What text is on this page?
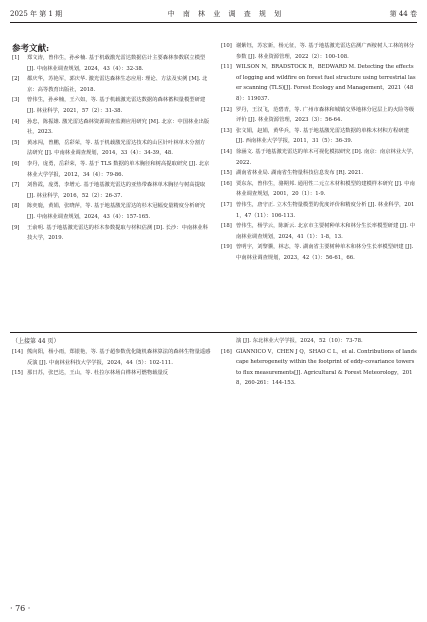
2025 年 第 1 期	中 南 林 业 调 查 规 划	第 44 卷
参考文献:
[1]	郑文涛，曾伟生，孙乡楠. 基于机载激光雷达数据估计主要森林参数联立模型 [J]. 中南林业调查规划，2024，43（4）：32-38.
[2]	都庆华，苏艳军，郭庆华. 激光雷达森林生态应用: 理论、方法及实例 [M]. 北京：高等教育出版社，2018.
[3]	曾伟生，孙乡楠，王六如，等. 基于机载激光雷达数据的森林蓄积量模型研建 [J]. 林业科学，2021，57（2）：31-38.
[4]	孙忠，陈振雄. 激光雷达森林资源调查监测应用研究 [M]. 北京：中国林业出版社，2023.
[5]	黄冰闯，曾鹏，岳彩荣，等. 基于机载激光雷达技术的山区针叶林单木分割方法研究 [J]. 中南林业调查规划，2014，33（4）：34-39，48.
[6]	李丹，庞勇，岳彩荣，等. 基于 TLS 数据的单木胸径和树高提取研究 [J]. 北京林业大学学报，2012，34（4）：79-86.
[7]	刘鲁霞，庞勇，李增元. 基于地基激光雷达的亚热带森林单木胸径与树高提取 [J]. 林业科学，2016，52（2）：26-37.
[8]	陈奕鹿，黄娟，张晓萍，等. 基于地基激光雷达的杉木冠幅变量精度分析研究 [J]. 中南林业调查规划，2024，43（4）：157-165.
[9]	王俞明. 基于地基激光雷达的杉木参数提取与材积估测 [D]. 长沙：中南林业科技大学，2019.
[10] 谢紫钰，苏宏新，杨元征，等. 基于地基激光雷达估测广西桉树人工林的林分参数 [J]. 林业资源管理，2022（2）：100-108.
[11] WILSON N，BRADSTOCK R，BEDWARD M. Detecting the effects of logging and wildfire on forest fuel structure using terrestrial laser scanning (TLS)[J]. Forest Ecology and Management，2021（488）：119037.
[12] 罗丹，王汉飞，范碧青，等. 广州市森林和城镇交界地林分冠层上的火险等级评价 [J]. 林业资源管理，2023（3）：56-64.
[13] 张文娟，赵娟，黄华兵，等. 基于地基激光雷达数据的单株木材积方程研建 [J]. 西南林业大学学报，2011，31（5）：36-39.
[14] 徐涵文. 基于地基激光雷达的单木可视化模拟研究 [D]. 南京：南京林业大学，2022.
[15] 湖南省林业局. 湖南省生物量科技信息发布 [R]. 2021.
[16] 贾东东，曾伟生，骆期邦. 通用性二元立木材积模型的建模样本研究 [J]. 中南林业调查规划，2001，20（1）：1-9.
[17] 曾伟生，唐守正. 立木生物量模型的优度评价和精度分析 [J]. 林业科学，2011，47（11）：106-113.
[18] 曾伟生，杨学云，陈新云. 北京市主要树种单木和林分生长率模型研建 [J]. 中南林业调查规划，2024，41（1）：1-8，13.
[19] 曾明宇，刘黎骥，林志，等. 湖南省主要树种单木和林分生长率模型研建 [J]. 中南林业调查规划，2023，42（1）：56-61，66.
（上接第 44 页）
[14] 熊向阳，杨小雨，郑银艳，等. 基于超参数优化随机森林算法的森林生物量遥感反演 [J]. 中南林业科技大学学报，2024，44（5）：102-111.
[15] 那日苏，张巴达，王山，等. 杜拉尔林场白桦林可燃物载量反
演 [J]. 东北林业大学学报，2024，52（10）：73-78.
[16] GIANNICO V，CHEN J Q，SHAO C L，et al. Contributions of landscape heterogeneity within the footprint of eddy-covariance towers to flux measurements[J]. Agricultural & Forest Meteorology，2018，260-261：144-153.
· 76 ·
